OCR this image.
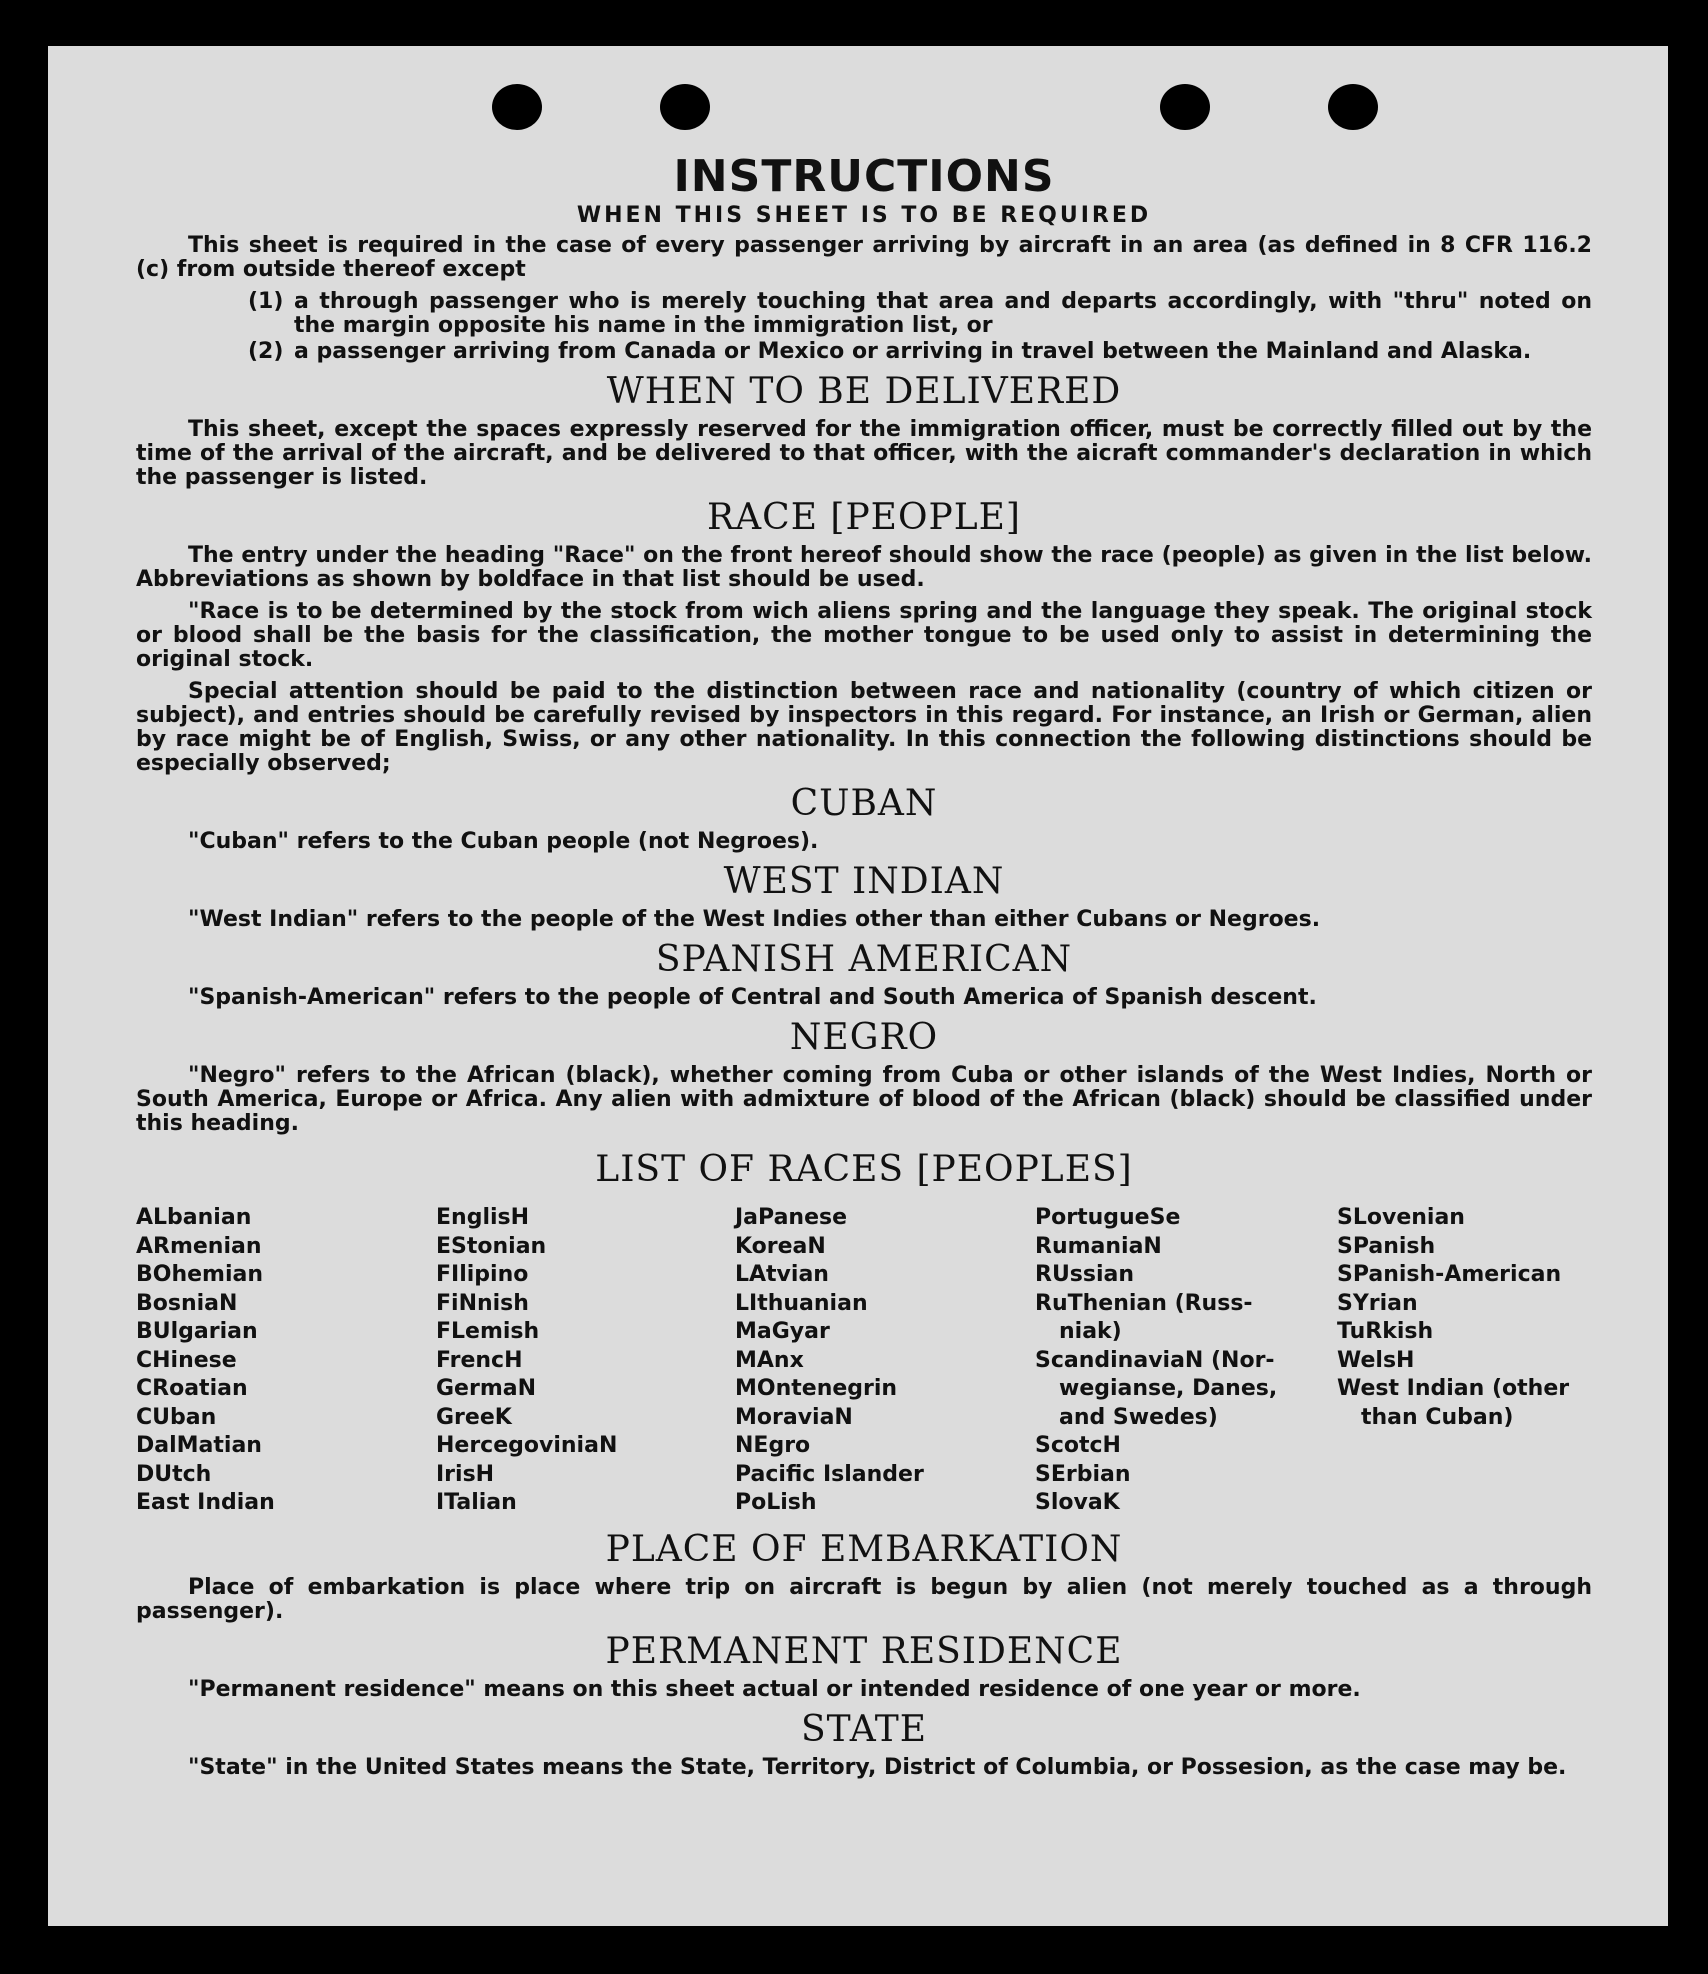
INSTRUCTIONS
WHEN THIS SHEET IS TO BE REQUIRED

This sheet is required in the case of every passenger arriving by aircraft in an area (as defined in 8 CFR 116.2 (c) from outside thereof except

(1) a through passenger who is merely touching that area and departs accordingly, with "thru" noted on the margin opposite his name in the immigration list, or
(2) a passenger arriving from Canada or Mexico or arriving in travel between the Mainland and Alaska.
WHEN TO BE DELIVERED

This sheet, except the spaces expressly reserved for the immigration officer, must be correctly filled out by the time of the arrival of the aircraft, and be delivered to that officer, with the aicraft commander's declaration in which the passenger is listed.

RACE [PEOPLE]

The entry under the heading "Race" on the front hereof should show the race (people) as given in the list below. Abbreviations as shown by boldface in that list should be used.

"Race is to be determined by the stock from wich aliens spring and the language they speak. The original stock or blood shall be the basis for the classification, the mother tongue to be used only to assist in determining the original stock.

Special attention should be paid to the distinction between race and nationality (country of which citizen or subject), and entries should be carefully revised by inspectors in this regard. For instance, an Irish or German, alien by race might be of English, Swiss, or any other nationality. In this connection the following distinctions should be especially observed;

CUBAN

"Cuban" refers to the Cuban people (not Negroes).

WEST INDIAN

"West Indian" refers to the people of the West Indies other than either Cubans or Negroes.

SPANISH AMERICAN

"Spanish-American" refers to the people of Central and South America of Spanish descent.

NEGRO

"Negro" refers to the African (black), whether coming from Cuba or other islands of the West Indies, North or South America, Europe or Africa. Any alien with admixture of blood of the African (black) should be classified under this heading.

LIST OF RACES [PEOPLES]
ALbanian
ARmenian
BOhemian
BosniaN
BUlgarian
CHinese
CRoatian
CUban
DalMatian
DUtch
East Indian
EnglisH
EStonian
FIlipino
FiNnish
FLemish
FrencH
GermaN
GreeK
HercegoviniaN
IrisH
ITalian
JaPanese
KoreaN
LAtvian
LIthuanian
MaGyar
MAnx
MOntenegrin
MoraviaN
NEgro
Pacific Islander
PoLish
PortugueSe
RumaniaN
RUssian
RuThenian (Russ-
niak)
ScandinaviaN (Nor-
wegianse, Danes,
and Swedes)
ScotcH
SErbian
SlovaK
SLovenian
SPanish
SPanish-American
SYrian
TuRkish
WelsH
West Indian (other
than Cuban)
PLACE OF EMBARKATION

Place of embarkation is place where trip on aircraft is begun by alien (not merely touched as a through passenger).

PERMANENT RESIDENCE

"Permanent residence" means on this sheet actual or intended residence of one year or more.

STATE

"State" in the United States means the State, Territory, District of Columbia, or Possesion, as the case may be.
